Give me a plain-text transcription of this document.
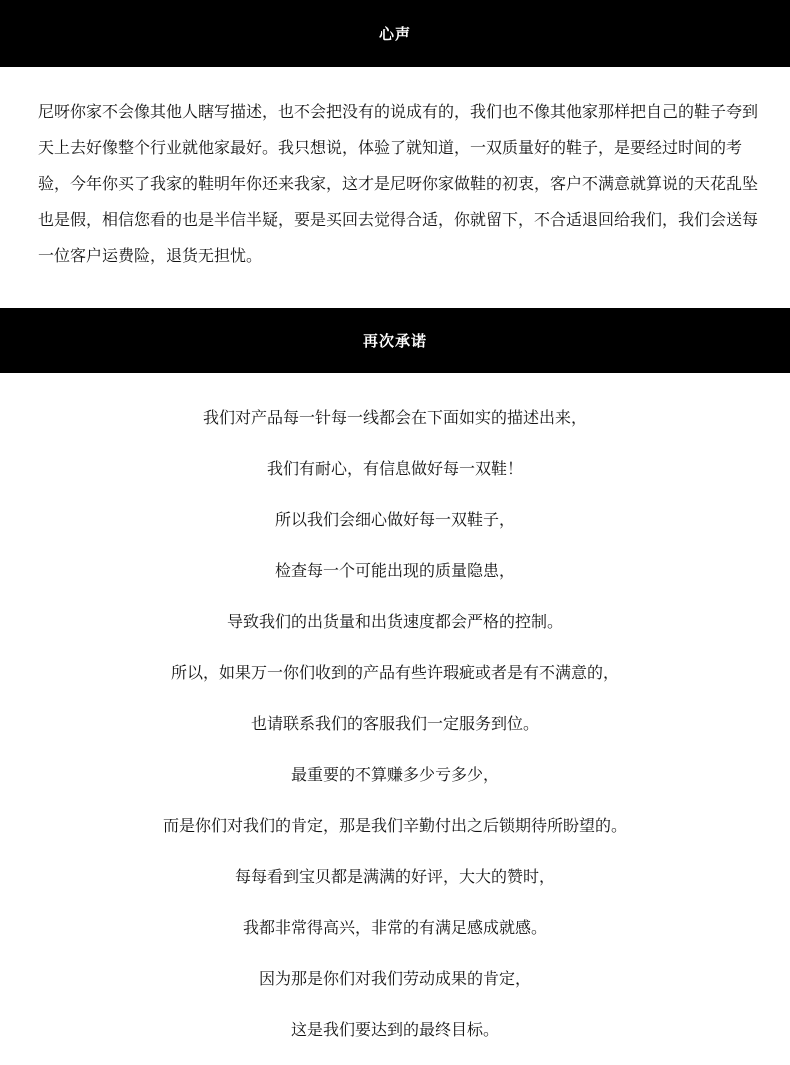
心声

尼呀你家不会像其他人瞎写描述，也不会把没有的说成有的，我们也不像其他家那样把自己的鞋子夸到天上去好像整个行业就他家最好。我只想说，体验了就知道，一双质量好的鞋子，是要经过时间的考验，今年你买了我家的鞋明年你还来我家，这才是尼呀你家做鞋的初衷，客户不满意就算说的天花乱坠也是假，相信您看的也是半信半疑，要是买回去觉得合适，你就留下，不合适退回给我们，我们会送每一位客户运费险，退货无担忧。

再次承诺
我们对产品每一针每一线都会在下面如实的描述出来，
我们有耐心，有信息做好每一双鞋！
所以我们会细心做好每一双鞋子，
检查每一个可能出现的质量隐患，
导致我们的出货量和出货速度都会严格的控制。
所以，如果万一你们收到的产品有些许瑕疵或者是有不满意的，
也请联系我们的客服我们一定服务到位。
最重要的不算赚多少亏多少，
而是你们对我们的肯定，那是我们辛勤付出之后锁期待所盼望的。
每每看到宝贝都是满满的好评，大大的赞时，
我都非常得高兴，非常的有满足感成就感。
因为那是你们对我们劳动成果的肯定，
这是我们要达到的最终目标。
